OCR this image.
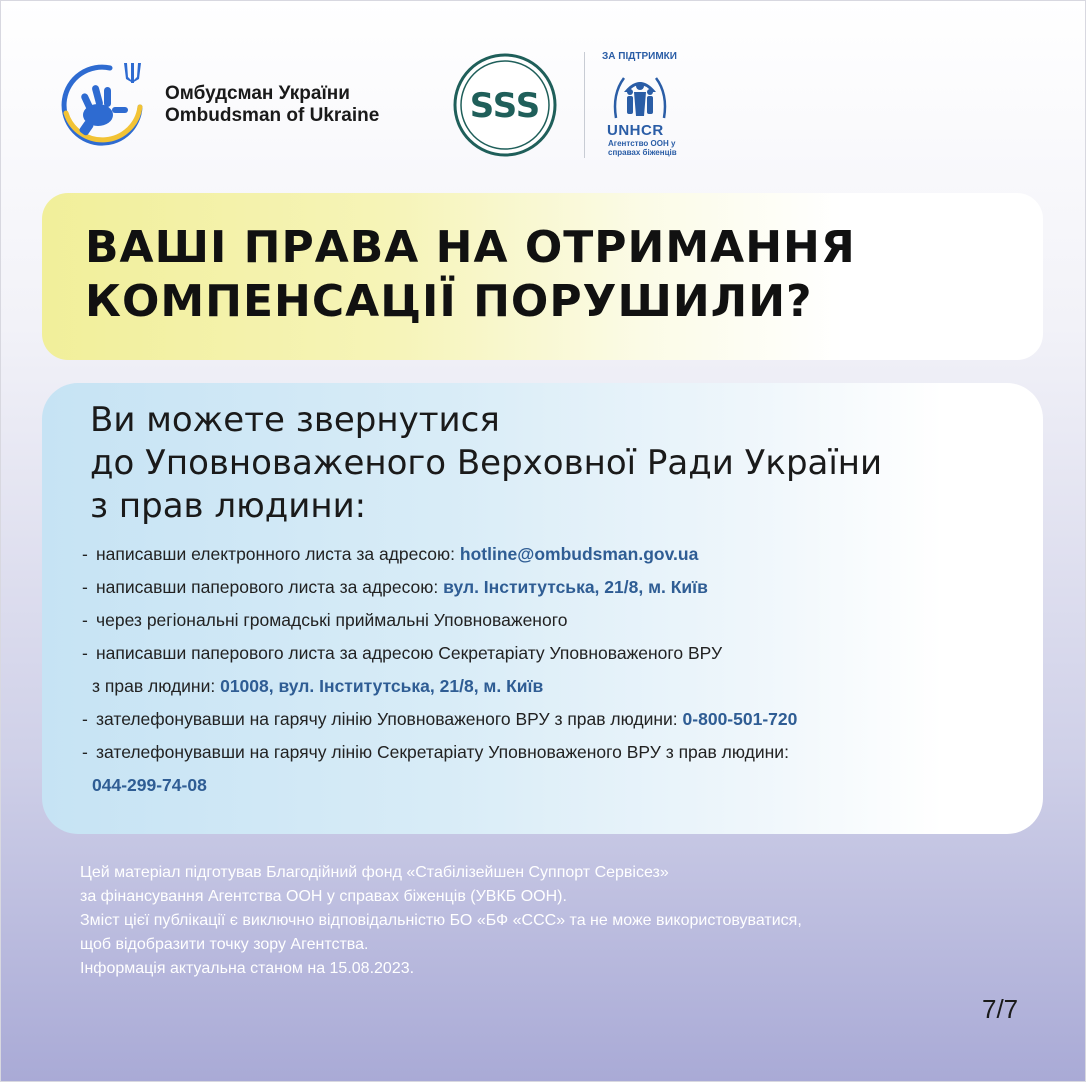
Омбудсман України
Ombudsman of Ukraine	SSS
ЗА ПІДТРИМКИ
UNHCR
Агентство ООН у справах біженців
ВАШІ ПРАВА НА ОТРИМАННЯ
КОМПЕНСАЦІЇ ПОРУШИЛИ?
Ви можете звернутися
до Уповноваженого Верховної Ради України
з прав людини:
- написавши електронного листа за адресою: hotline@ombudsman.gov.ua
- написавши паперового листа за адресою: вул. Інститутська, 21/8, м. Київ
- через регіональні громадські приймальні Уповноваженого
- написавши паперового листа за адресою Секретаріату Уповноваженого ВРУ
з прав людини: 01008, вул. Інститутська, 21/8, м. Київ
- зателефонувавши на гарячу лінію Уповноваженого ВРУ з прав людини: 0-800-501-720
- зателефонувавши на гарячу лінію Секретаріату Уповноваженого ВРУ з прав людини:
044-299-74-08
Цей матеріал підготував Благодійний фонд «Стабілізейшен Суппорт Сервісез»
за фінансування Агентства ООН у справах біженців (УВКБ ООН).
Зміст цієї публікації є виключно відповідальністю БО «БФ «ССС» та не може використовуватися,
щоб відобразити точку зору Агентства.
Інформація актуальна станом на 15.08.2023.
7/7
